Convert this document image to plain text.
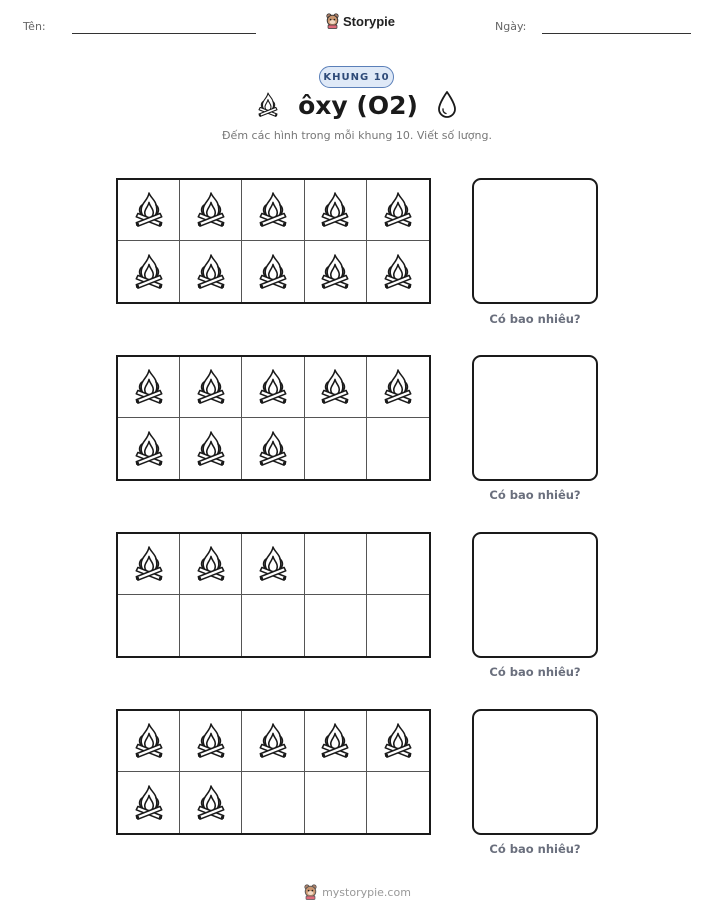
Tên:	Storypie	Ngày:
KHUNG 10
ôxy (O2)
Đếm các hình trong mỗi khung 10. Viết số lượng.
Có bao nhiêu?
Có bao nhiêu?
Có bao nhiêu?
Có bao nhiêu?
mystorypie.com
